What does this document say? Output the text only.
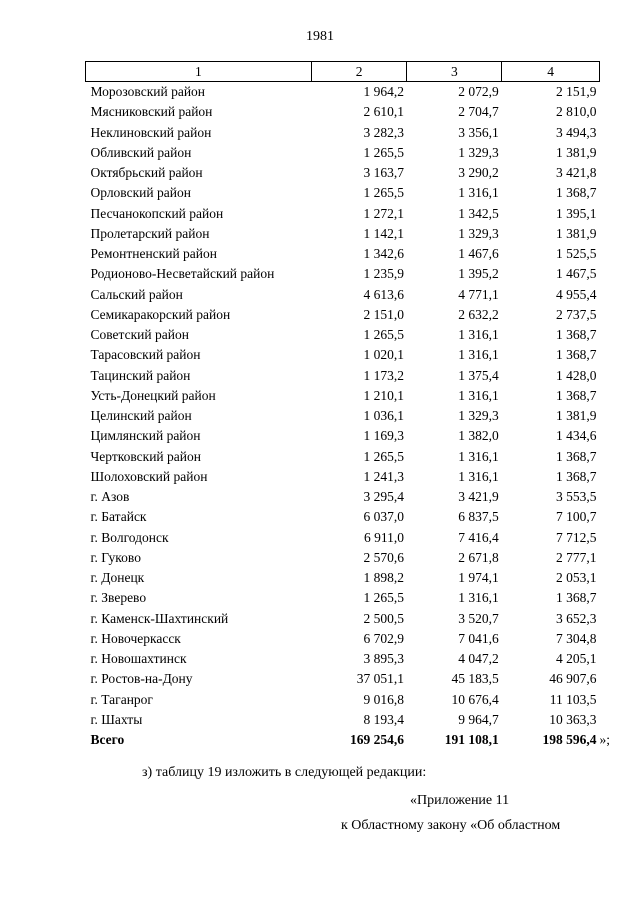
1981
1	2	3	4
Морозовский район	1 964,2	2 072,9	2 151,9
Мясниковский район	2 610,1	2 704,7	2 810,0
Неклиновский район	3 282,3	3 356,1	3 494,3
Обливский район	1 265,5	1 329,3	1 381,9
Октябрьский район	3 163,7	3 290,2	3 421,8
Орловский район	1 265,5	1 316,1	1 368,7
Песчанокопский район	1 272,1	1 342,5	1 395,1
Пролетарский район	1 142,1	1 329,3	1 381,9
Ремонтненский район	1 342,6	1 467,6	1 525,5
Родионово-Несветайский район	1 235,9	1 395,2	1 467,5
Сальский район	4 613,6	4 771,1	4 955,4
Семикаракорский район	2 151,0	2 632,2	2 737,5
Советский район	1 265,5	1 316,1	1 368,7
Тарасовский район	1 020,1	1 316,1	1 368,7
Тацинский район	1 173,2	1 375,4	1 428,0
Усть-Донецкий район	1 210,1	1 316,1	1 368,7
Целинский район	1 036,1	1 329,3	1 381,9
Цимлянский район	1 169,3	1 382,0	1 434,6
Чертковский район	1 265,5	1 316,1	1 368,7
Шолоховский район	1 241,3	1 316,1	1 368,7
г. Азов	3 295,4	3 421,9	3 553,5
г. Батайск	6 037,0	6 837,5	7 100,7
г. Волгодонск	6 911,0	7 416,4	7 712,5
г. Гуково	2 570,6	2 671,8	2 777,1
г. Донецк	1 898,2	1 974,1	2 053,1
г. Зверево	1 265,5	1 316,1	1 368,7
г. Каменск-Шахтинский	2 500,5	3 520,7	3 652,3
г. Новочеркасск	6 702,9	7 041,6	7 304,8
г. Новошахтинск	3 895,3	4 047,2	4 205,1
г. Ростов-на-Дону	37 051,1	45 183,5	46 907,6
г. Таганрог	9 016,8	10 676,4	11 103,5
г. Шахты	8 193,4	9 964,7	10 363,3
Всего	169 254,6	191 108,1	198 596,4 »;
з) таблицу 19 изложить в следующей редакции:
«Приложение 11
к Областному закону «Об областном
